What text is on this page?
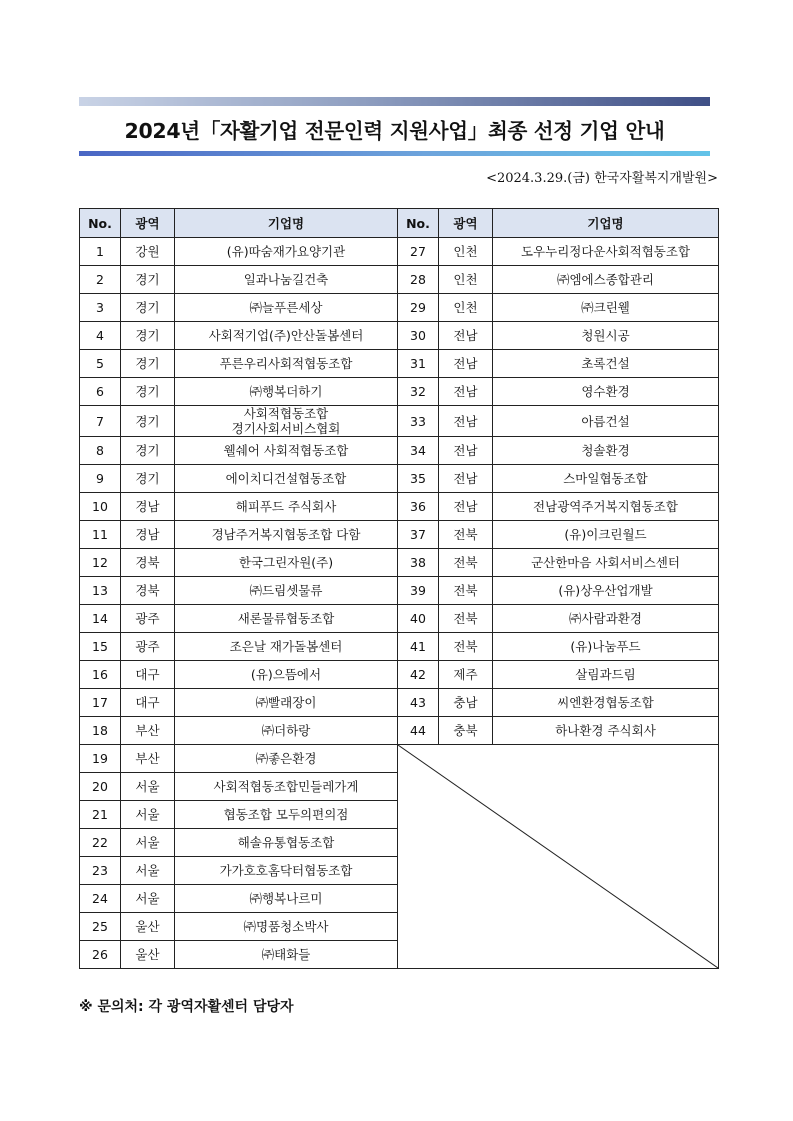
2024년「자활기업 전문인력 지원사업」최종 선정 기업 안내
<2024.3.29.(금) 한국자활복지개발원>
No.	광역	기업명	No.	광역	기업명
1	강원	(유)따숨재가요양기관	27	인천	도우누리정다운사회적협동조합
2	경기	일과나눔길건축	28	인천	㈜엠에스종합관리
3	경기	㈜늘푸른세상	29	인천	㈜크린웰
4	경기	사회적기업(주)안산돌봄센터	30	전남	청원시공
5	경기	푸른우리사회적협동조합	31	전남	초록건설
6	경기	㈜행복더하기	32	전남	영수환경
7	경기	사회적협동조합
경기사회서비스협회	33	전남	아름건설
8	경기	웰쉐어 사회적협동조합	34	전남	청솔환경
9	경기	에이치디건설협동조합	35	전남	스마일협동조합
10	경남	해피푸드 주식회사	36	전남	전남광역주거복지협동조합
11	경남	경남주거복지협동조합 다함	37	전북	(유)이크린월드
12	경북	한국그린자원(주)	38	전북	군산한마음 사회서비스센터
13	경북	㈜드림셋물류	39	전북	(유)상우산업개발
14	광주	새론물류협동조합	40	전북	㈜사람과환경
15	광주	조은날 재가돌봄센터	41	전북	(유)나눔푸드
16	대구	(유)으뜸에서	42	제주	살림과드림
17	대구	㈜빨래장이	43	충남	씨엔환경협동조합
18	부산	㈜더하랑	44	충북	하나환경 주식회사
19	부산	㈜좋은환경	

20	서울	사회적협동조합민들레가게			
21	서울	협동조합 모두의편의점			
22	서울	해솔유통협동조합			
23	서울	가가호호홈닥터협동조합			
24	서울	㈜행복나르미			
25	울산	㈜명품청소박사			
26	울산	㈜태화들			
※ 문의처: 각 광역자활센터 담당자
